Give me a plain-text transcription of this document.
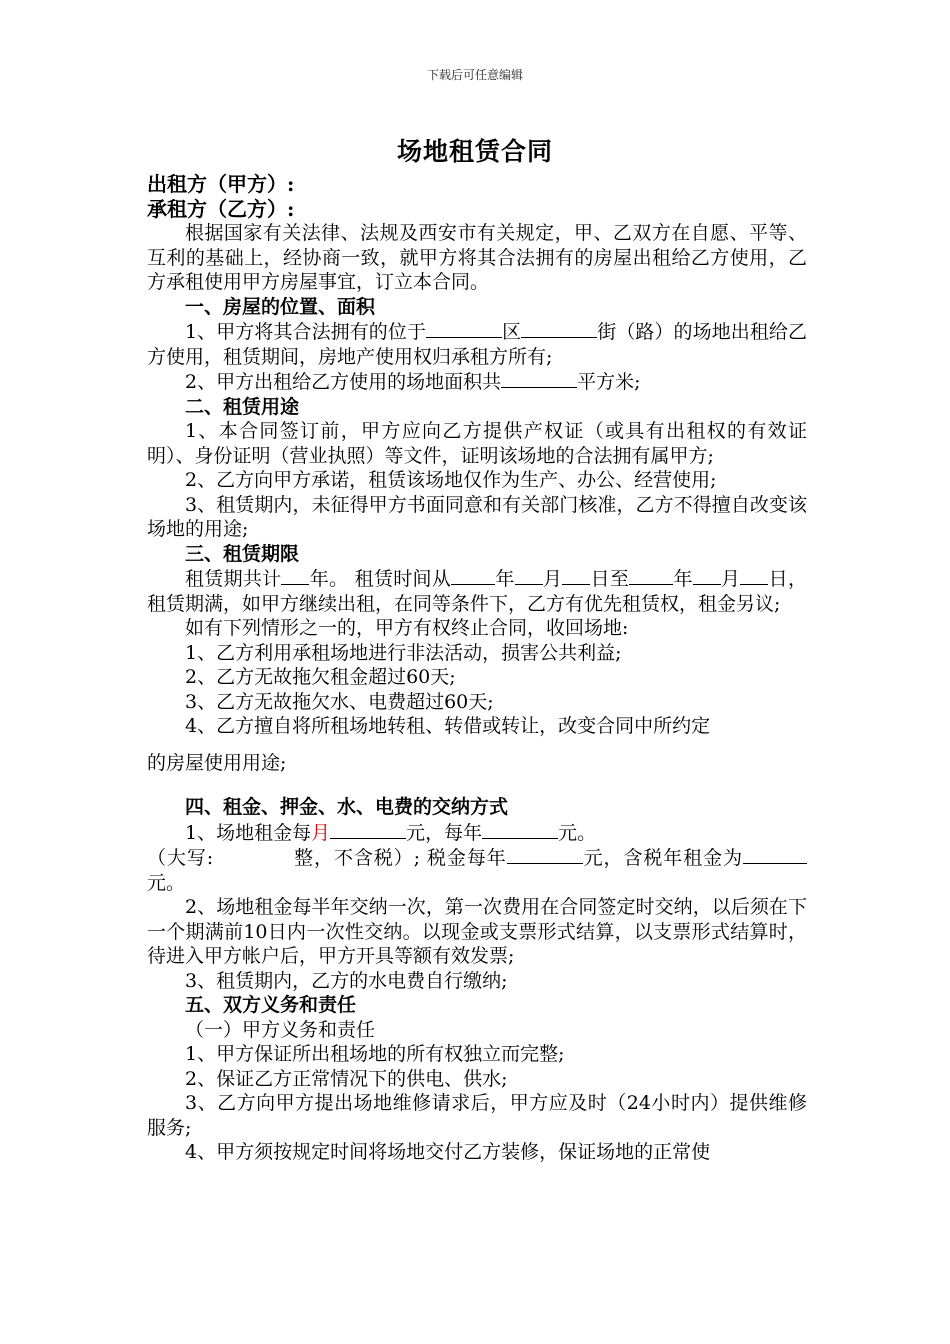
下载后可任意编辑
场地租赁合同

出租方（甲方）:

承租方（乙方）:

根据国家有关法律、法规及西安市有关规定，甲、乙双方在自愿、平等、互利的基础上，经协商一致，就甲方将其合法拥有的房屋出租给乙方使用，乙方承租使用甲方房屋事宜，订立本合同。

一、房屋的位置、面积

1、甲方将其合法拥有的位于	区	街（路）的场地出租给乙方使用，租赁期间，房地产使用权归承租方所有;

2、甲方出租给乙方使用的场地面积共	平方米;

二、租赁用途

1、本合同签订前，甲方应向乙方提供产权证（或具有出租权的有效证明）、身份证明（营业执照）等文件，证明该场地的合法拥有属甲方;

2、乙方向甲方承诺，租赁该场地仅作为生产、办公、经营使用;

3、租赁期内，未征得甲方书面同意和有关部门核准，乙方不得擅自改变该场地的用途;

三、租赁期限

租赁期共计 年。 租赁时间从 年 月 日至 年 月 日，租赁期满，如甲方继续出租，在同等条件下，乙方有优先租赁权，租金另议;

如有下列情形之一的，甲方有权终止合同，收回场地:

1、乙方利用承租场地进行非法活动，损害公共利益;

2、乙方无故拖欠租金超过60天;

3、乙方无故拖欠水、电费超过60天;

4、乙方擅自将所租场地转租、转借或转让，改变合同中所约定

的房屋使用用途;

四、租金、押金、水、电费的交纳方式

1、场地租金每月	元，每年	元。

（大写:	整，不含税）; 税金每年	元，含税年租金为元。

2、场地租金每半年交纳一次，第一次费用在合同签定时交纳，以后须在下一个期满前10日内一次性交纳。以现金或支票形式结算，以支票形式结算时，待进入甲方帐户后，甲方开具等额有效发票;

3、租赁期内，乙方的水电费自行缴纳;

五、双方义务和责任

（一）甲方义务和责任

1、甲方保证所出租场地的所有权独立而完整;

2、保证乙方正常情况下的供电、供水;

3、乙方向甲方提出场地维修请求后，甲方应及时（24小时内）提供维修服务;

4、甲方须按规定时间将场地交付乙方装修，保证场地的正常使
